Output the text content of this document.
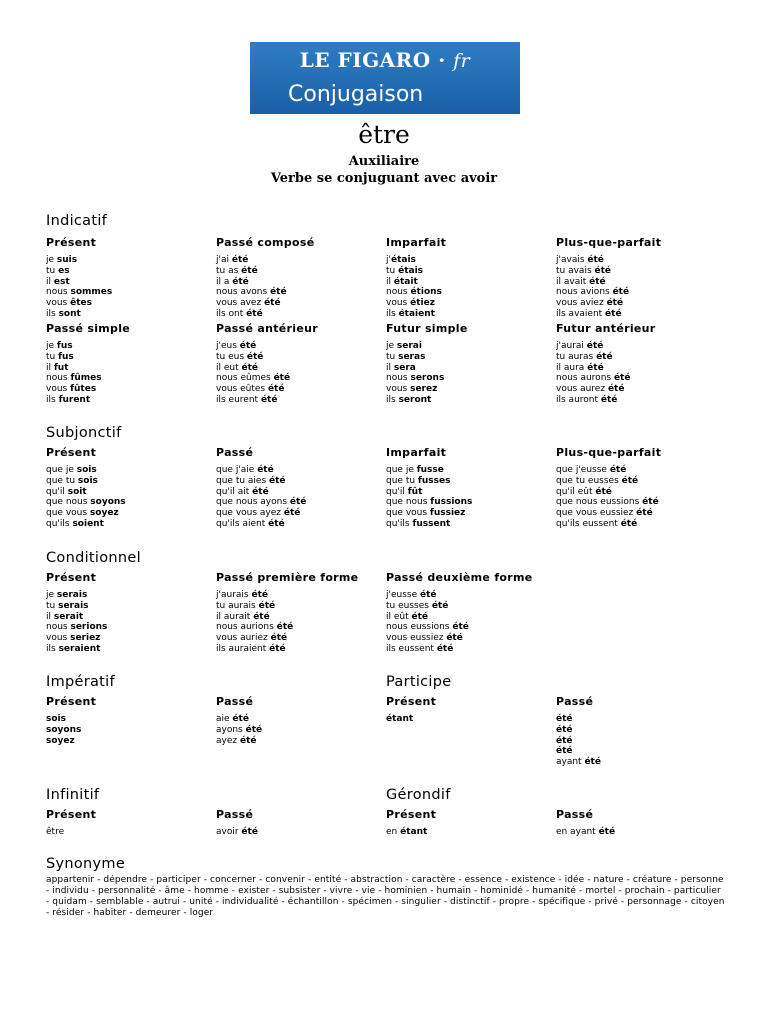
LE FIGARO · fr
Conjugaison
être
Auxiliaire
Verbe se conjuguant avec avoir
Indicatif
Présent
je suis
tu es
il est
nous sommes
vous êtes
ils sont
Passé composé
j'ai été
tu as été
il a été
nous avons été
vous avez été
ils ont été
Imparfait
j'étais
tu étais
il était
nous étions
vous étiez
ils étaient
Plus-que-parfait
j'avais été
tu avais été
il avait été
nous avions été
vous aviez été
ils avaient été
Passé simple
je fus
tu fus
il fut
nous fûmes
vous fûtes
ils furent
Passé antérieur
j'eus été
tu eus été
il eut été
nous eûmes été
vous eûtes été
ils eurent été
Futur simple
je serai
tu seras
il sera
nous serons
vous serez
ils seront
Futur antérieur
j'aurai été
tu auras été
il aura été
nous aurons été
vous aurez été
ils auront été
Subjonctif
Présent
que je sois
que tu sois
qu'il soit
que nous soyons
que vous soyez
qu'ils soient
Passé
que j'aie été
que tu aies été
qu'il ait été
que nous ayons été
que vous ayez été
qu'ils aient été
Imparfait
que je fusse
que tu fusses
qu'il fût
que nous fussions
que vous fussiez
qu'ils fussent
Plus-que-parfait
que j'eusse été
que tu eusses été
qu'il eût été
que nous eussions été
que vous eussiez été
qu'ils eussent été
Conditionnel
Présent
je serais
tu serais
il serait
nous serions
vous seriez
ils seraient
Passé première forme
j'aurais été
tu aurais été
il aurait été
nous aurions été
vous auriez été
ils auraient été
Passé deuxième forme
j'eusse été
tu eusses été
il eût été
nous eussions été
vous eussiez été
ils eussent été
Impératif	Participe
Présent
sois
soyons
soyez
Passé
aie été
ayons été
ayez été
Présent
étant
Passé
été
été
été
été
ayant été
Infinitif	Gérondif
Présent
être
Passé
avoir été
Présent
en étant
Passé
en ayant été
Synonyme
appartenir - dépendre - participer - concerner - convenir - entité - abstraction - caractère - essence - existence - idée - nature - créature - personne - individu - personnalité - âme - homme - exister - subsister - vivre - vie - hominien - humain - hominidé - humanité - mortel - prochain - particulier - quidam - semblable - autrui - unité - individualité - échantillon - spécimen - singulier - distinctif - propre - spécifique - privé - personnage - citoyen - résider - habiter - demeurer - loger
